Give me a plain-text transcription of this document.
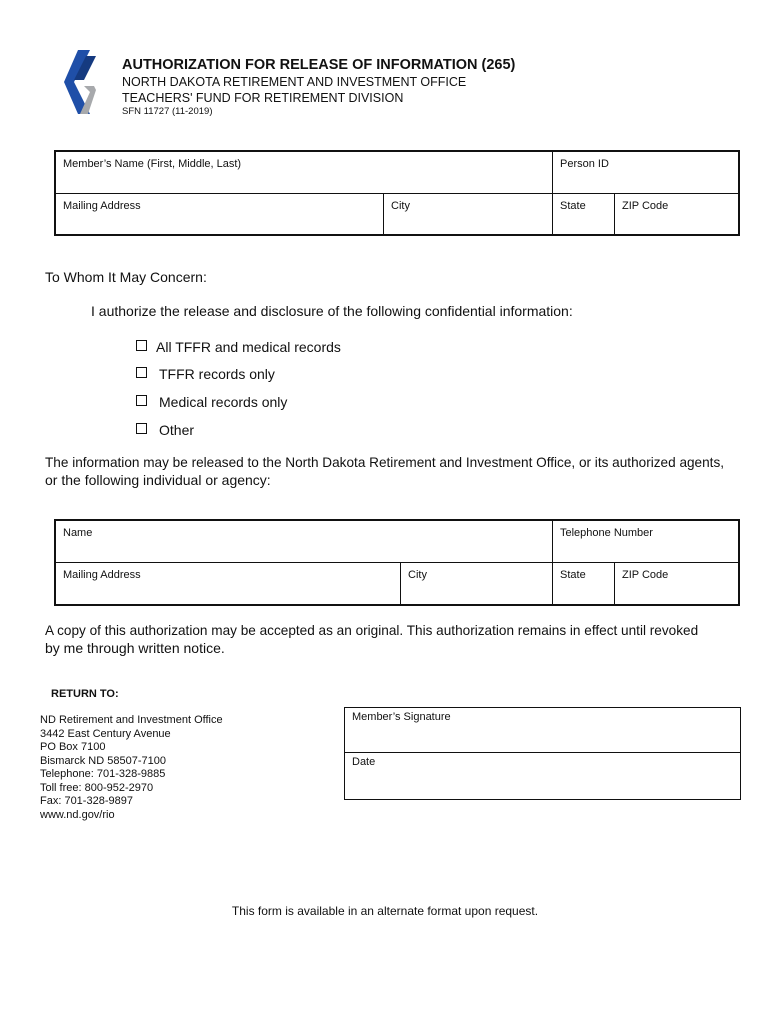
AUTHORIZATION FOR RELEASE OF INFORMATION (265)
NORTH DAKOTA RETIREMENT AND INVESTMENT OFFICE
TEACHERS' FUND FOR RETIREMENT DIVISION
SFN 11727 (11-2019)
Member’s Name (First, Middle, Last)	Person ID
Mailing Address	City	State	ZIP Code
To Whom It May Concern:
I authorize the release and disclosure of the following confidential information:
All TFFR and medical records
TFFR records only
Medical records only
Other
The information may be released to the North Dakota Retirement and Investment Office, or its authorized agents,
or the following individual or agency:
Name	Telephone Number
Mailing Address	City	State	ZIP Code
A copy of this authorization may be accepted as an original. This authorization remains in effect until revoked
by me through written notice.
RETURN TO:
ND Retirement and Investment Office
3442 East Century Avenue
PO Box 7100
Bismarck ND 58507-7100
Telephone: 701-328-9885
Toll free: 800-952-2970
Fax: 701-328-9897
www.nd.gov/rio
Member’s Signature
Date
This form is available in an alternate format upon request.
